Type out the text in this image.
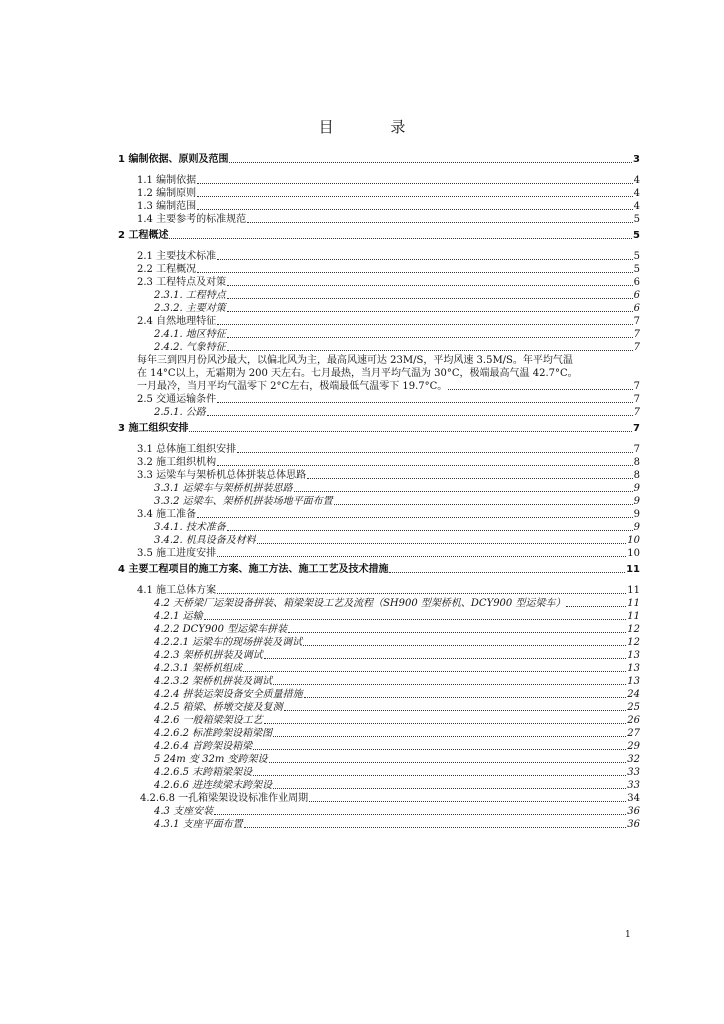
目 录
1 编制依据、原则及范围	3
1.1 编制依据	4
1.2 编制原则	4
1.3 编制范围	4
1.4 主要参考的标准规范	5
2 工程概述	5
2.1 主要技术标准	5
2.2 工程概况	5
2.3 工程特点及对策	6
2.3.1. 工程特点	6
2.3.2. 主要对策	6
2.4 自然地理特征	7
2.4.1. 地区特征	7
2.4.2. 气象特征	7
每年三到四月份风沙最大，以偏北风为主，最高风速可达 23M/S，平均风速 3.5M/S。年平均气温
在 14°C以上，无霜期为 200 天左右。七月最热，当月平均气温为 30°C，极端最高气温 42.7°C。
一月最冷，当月平均气温零下 2°C左右，极端最低气温零下 19.7°C。	7
2.5 交通运输条件	7
2.5.1. 公路	7
3 施工组织安排	7
3.1 总体施工组织安排	7
3.2 施工组织机构	8
3.3 运梁车与架桥机总体拼装总体思路	8
3.3.1 运梁车与架桥机拼装思路	9
3.3.2 运梁车、架桥机拼装场地平面布置	9
3.4 施工准备	9
3.4.1. 技术准备	9
3.4.2. 机具设备及材料	10
3.5 施工进度安排	10
4 主要工程项目的施工方案、施工方法、施工工艺及技术措施	11
4.1 施工总体方案	11
4.2 天桥梁厂运架设备拼装、箱梁架设工艺及流程（SH900 型架桥机、DCY900 型运梁车）	11
4.2.1 运输	11
4.2.2 DCY900 型运梁车拼装	12
4.2.2.1 运梁车的现场拼装及调试	12
4.2.3 架桥机拼装及调试	13
4.2.3.1 架桥机组成	13
4.2.3.2 架桥机拼装及调试	13
4.2.4 拼装运架设备安全质量措施	24
4.2.5 箱梁、桥墩交接及复测	25
4.2.6 一般箱梁架设工艺	26
4.2.6.2 标准跨架设箱梁图	27
4.2.6.4 首跨架设箱梁	29
5 24m 变 32m 变跨架设	32
4.2.6.5 末跨箱梁架设	33
4.2.6.6 进连续梁末跨架设	33
4.2.6.8 一孔箱梁架设设标准作业周期	34
4.3 支座安装	36
4.3.1 支座平面布置	36
1
